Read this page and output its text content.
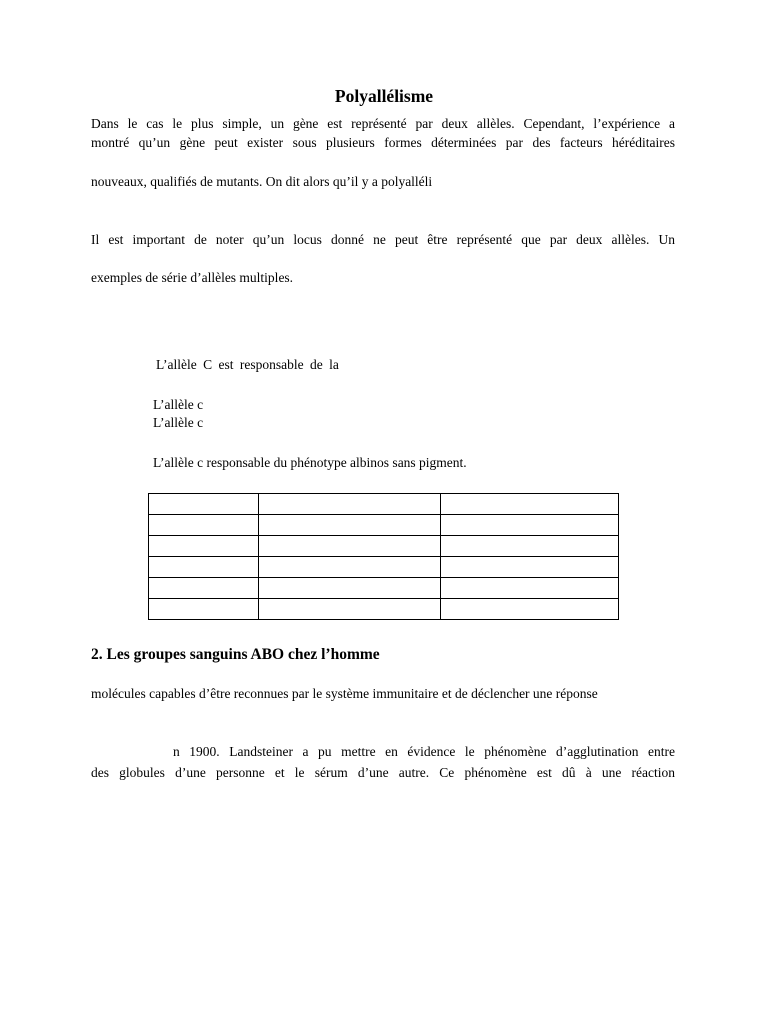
Polyallélisme
Dans le cas le plus simple, un gène est représenté par deux allèles. Cependant, l’expérience a
montré qu’un gène peut exister sous plusieurs formes déterminées par des facteurs héréditaires
nouveaux, qualifiés de mutants. On dit alors qu’il y a polyalléli
Il est important de noter qu’un locus donné ne peut être représenté que par deux allèles. Un
exemples de série d’allèles multiples.
L’allèle C est responsable de la
L’allèle c
L’allèle c
L’allèle c responsable du phénotype albinos sans pigment.

2. Les groupes sanguins ABO chez l’homme
molécules capables d’être reconnues par le système immunitaire et de déclencher une réponse
n 1900. Landsteiner a pu mettre en évidence le phénomène d’agglutination entre
des globules d’une personne et le sérum d’une autre. Ce phénomène est dû à une réaction
